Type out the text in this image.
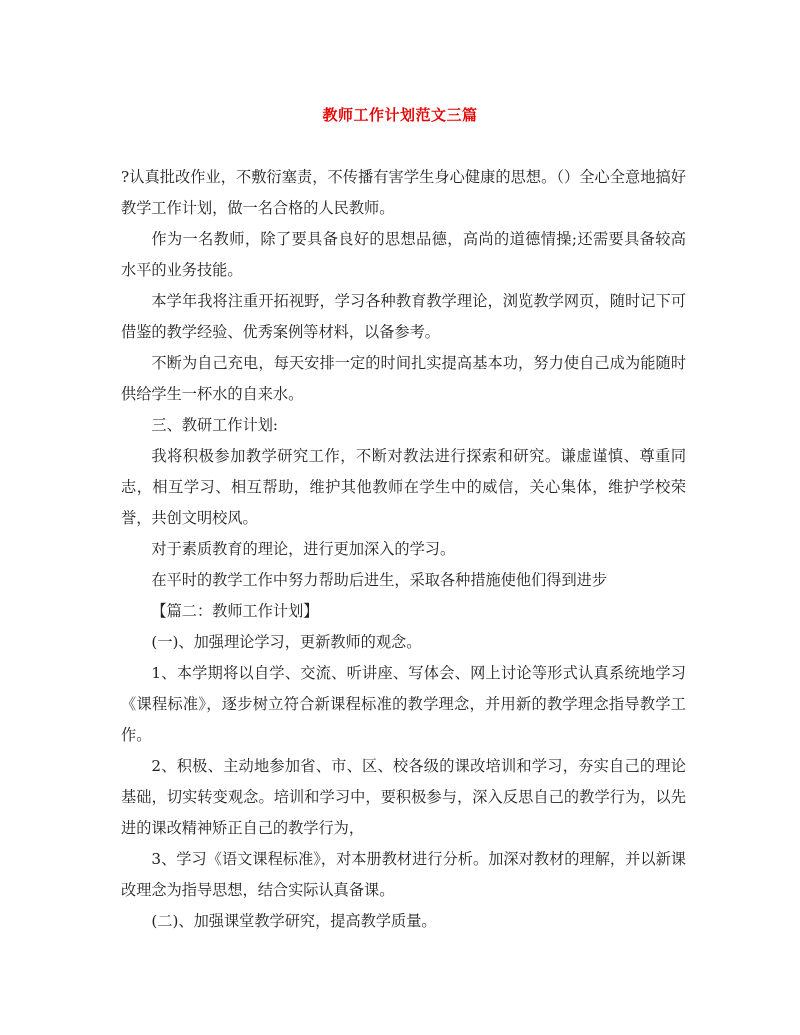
教师工作计划范文三篇

?认真批改作业，不敷衍塞责，不传播有害学生身心健康的思想。（）全心全意地搞好教学工作计划，做一名合格的人民教师。

作为一名教师，除了要具备良好的思想品德，高尚的道德情操;还需要具备较高水平的业务技能。

本学年我将注重开拓视野，学习各种教育教学理论，浏览教学网页，随时记下可借鉴的教学经验、优秀案例等材料，以备参考。

不断为自己充电，每天安排一定的时间扎实提高基本功，努力使自己成为能随时供给学生一杯水的自来水。

三、教研工作计划:

我将积极参加教学研究工作，不断对教法进行探索和研究。谦虚谨慎、尊重同志，相互学习、相互帮助，维护其他教师在学生中的威信，关心集体，维护学校荣誉，共创文明校风。

对于素质教育的理论，进行更加深入的学习。

在平时的教学工作中努力帮助后进生，采取各种措施使他们得到进步

【篇二：教师工作计划】

(一)、加强理论学习，更新教师的观念。

1、本学期将以自学、交流、听讲座、写体会、网上讨论等形式认真系统地学习《课程标准》，逐步树立符合新课程标准的教学理念，并用新的教学理念指导教学工作。

2、积极、主动地参加省、市、区、校各级的课改培训和学习，夯实自己的理论基础，切实转变观念。培训和学习中，要积极参与，深入反思自己的教学行为，以先进的课改精神矫正自己的教学行为，

3、学习《语文课程标准》，对本册教材进行分析。加深对教材的理解，并以新课改理念为指导思想，结合实际认真备课。

(二)、加强课堂教学研究，提高教学质量。
